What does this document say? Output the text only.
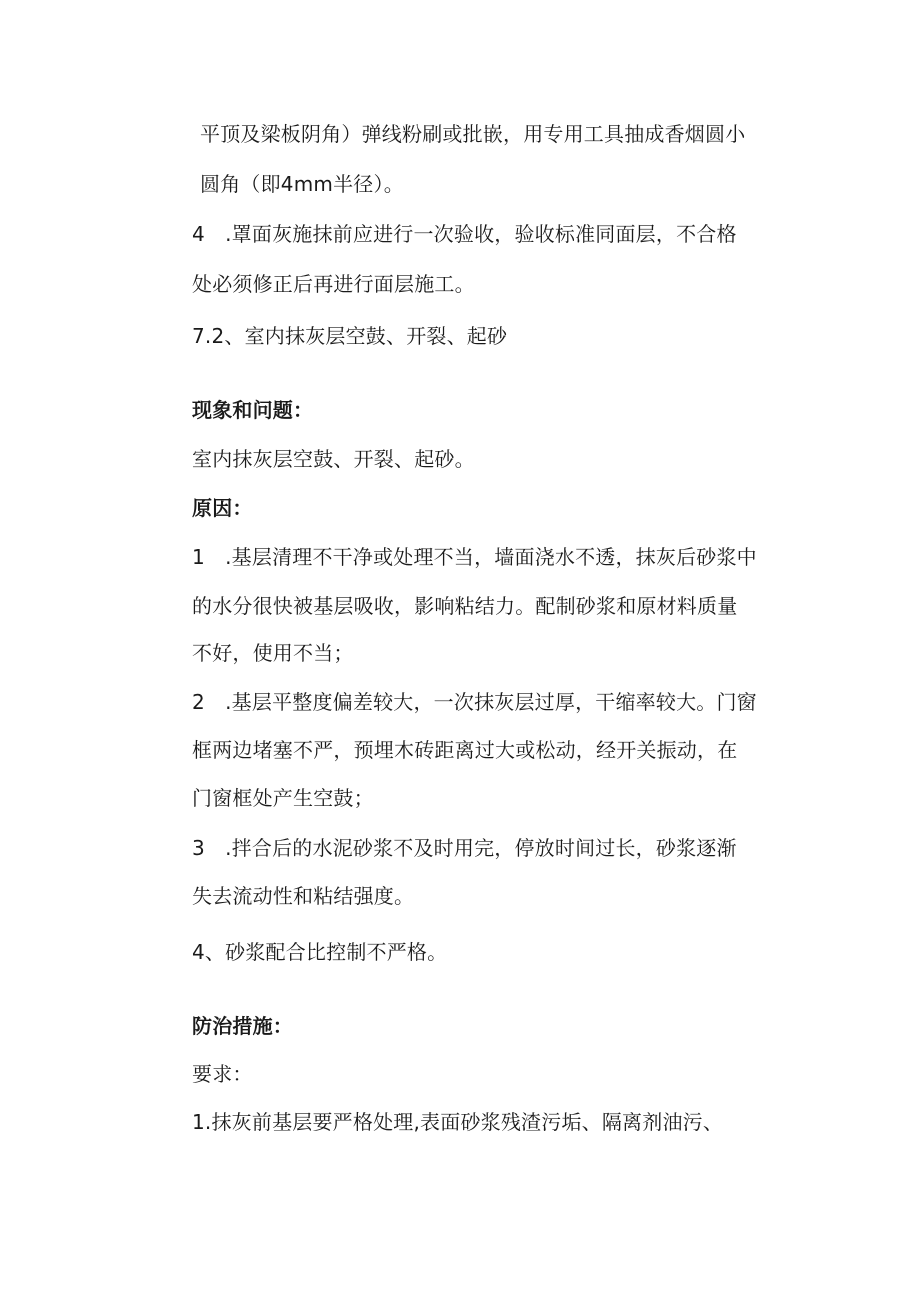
平顶及梁板阴角）弹线粉刷或批嵌，用专用工具抽成香烟圆小
圆角（即4mm半径）。
4　.罩面灰施抹前应进行一次验收，验收标准同面层，不合格
处必须修正后再进行面层施工。
7.2、室内抹灰层空鼓、开裂、起砂
现象和问题：
室内抹灰层空鼓、开裂、起砂。
原因：
1　.基层清理不干净或处理不当，墙面浇水不透，抹灰后砂浆中
的水分很快被基层吸收，影响粘结力。配制砂浆和原材料质量
不好，使用不当；
2　.基层平整度偏差较大，一次抹灰层过厚，干缩率较大。门窗
框两边堵塞不严，预埋木砖距离过大或松动，经开关振动，在
门窗框处产生空鼓；
3　.拌合后的水泥砂浆不及时用完，停放时间过长，砂浆逐渐
失去流动性和粘结强度。
4、砂浆配合比控制不严格。
防治措施：
要求：
1.抹灰前基层要严格处理,表面砂浆残渣污垢、隔离剂油污、
